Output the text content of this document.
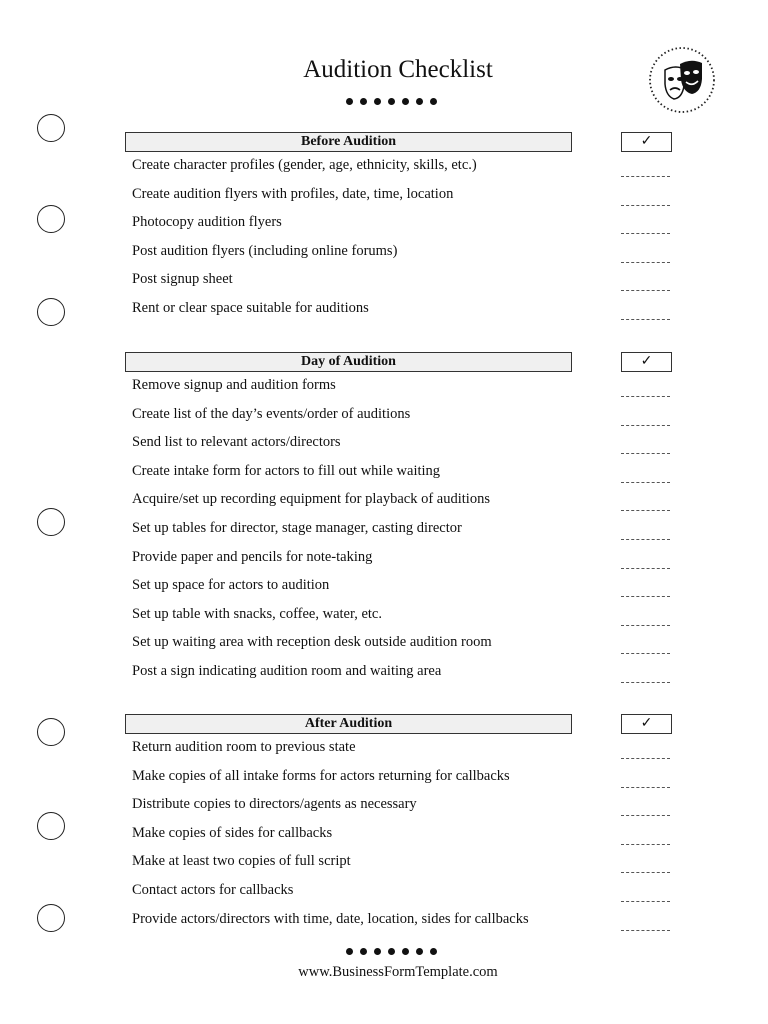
Audition Checklist
Before Audition	✓
Create character profiles (gender, age, ethnicity, skills, etc.)
Create audition flyers with profiles, date, time, location
Photocopy audition flyers
Post audition flyers (including online forums)
Post signup sheet
Rent or clear space suitable for auditions
Day of Audition	✓
Remove signup and audition forms
Create list of the day’s events/order of auditions
Send list to relevant actors/directors
Create intake form for actors to fill out while waiting
Acquire/set up recording equipment for playback of auditions
Set up tables for director, stage manager, casting director
Provide paper and pencils for note-taking
Set up space for actors to audition
Set up table with snacks, coffee, water, etc.
Set up waiting area with reception desk outside audition room
Post a sign indicating audition room and waiting area
After Audition	✓
Return audition room to previous state
Make copies of all intake forms for actors returning for callbacks
Distribute copies to directors/agents as necessary
Make copies of sides for callbacks
Make at least two copies of full script
Contact actors for callbacks
Provide actors/directors with time, date, location, sides for callbacks
www.BusinessFormTemplate.com
